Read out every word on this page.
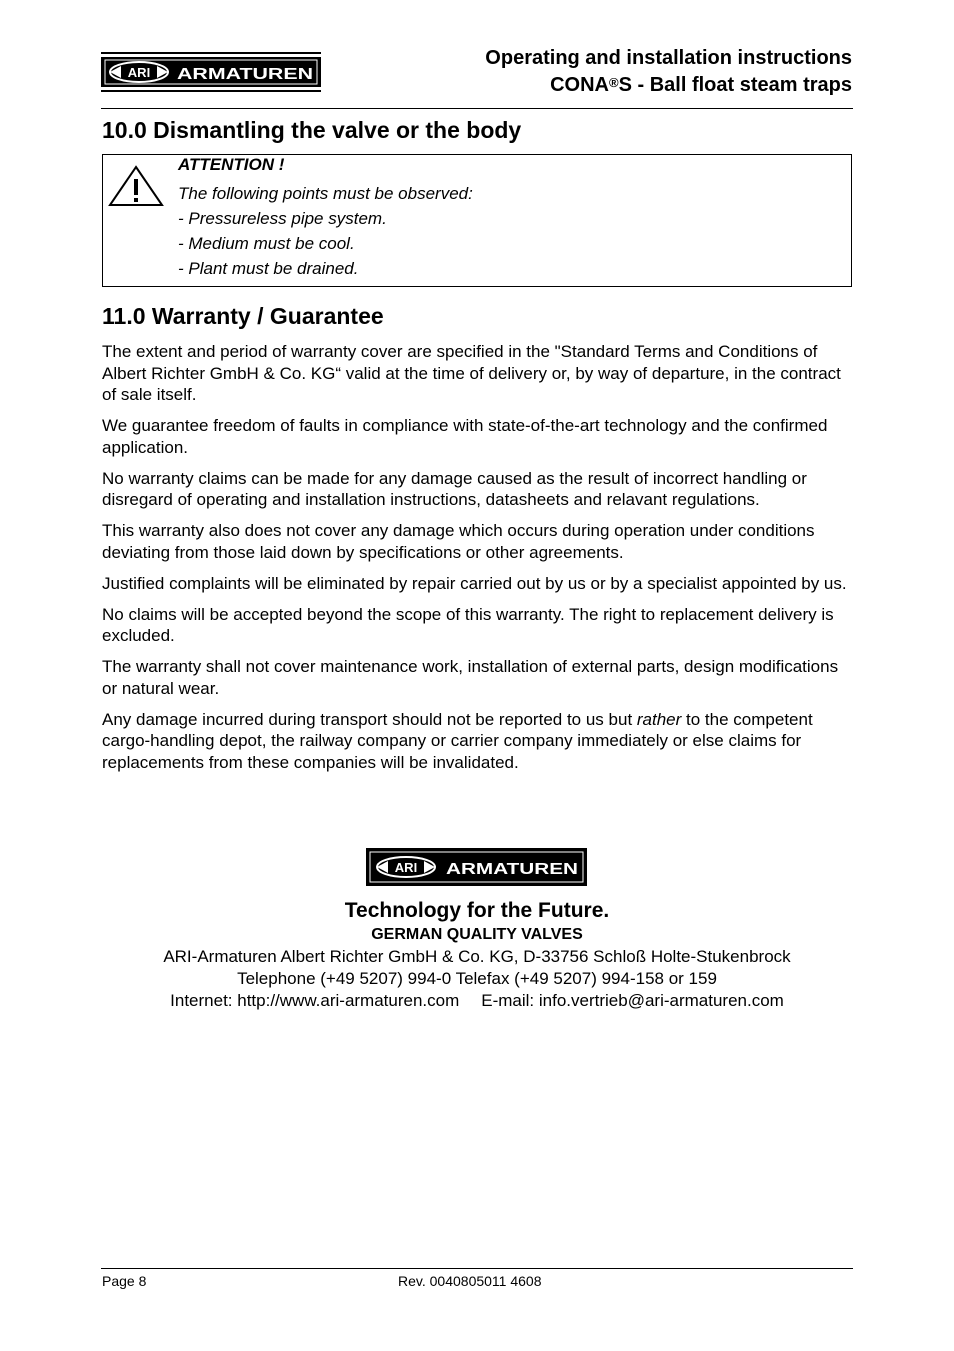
ARI ARMATUREN
Operating and installation instructions
CONA®S - Ball float steam traps
10.0 Dismantling the valve or the body
ATTENTION !
The following points must be observed:
- Pressureless pipe system.
- Medium must be cool.
- Plant must be drained.
11.0 Warranty / Guarantee

The extent and period of warranty cover are specified in the "Standard Terms and Conditions of Albert Richter GmbH & Co. KG“ valid at the time of delivery or, by way of departure, in the contract of sale itself.

We guarantee freedom of faults in compliance with state-of-the-art technology and the confirmed application.

No warranty claims can be made for any damage caused as the result of incorrect handling or disregard of operating and installation instructions, datasheets and relavant regulations.

This warranty also does not cover any damage which occurs during operation under conditions deviating from those laid down by specifications or other agreements.

Justified complaints will be eliminated by repair carried out by us or by a specialist appointed by us.

No claims will be accepted beyond the scope of this warranty. The right to replacement delivery is excluded.

The warranty shall not cover maintenance work, installation of external parts, design modifications or natural wear.

Any damage incurred during transport should not be reported to us but rather to the competent cargo-handling depot, the railway company or carrier company immediately or else claims for replacements from these companies will be invalidated.

ARI ARMATUREN
Technology for the Future.
GERMAN QUALITY VALVES
ARI-Armaturen Albert Richter GmbH & Co. KG, D-33756 Schloß Holte-Stukenbrock
Telephone (+49 5207) 994-0 Telefax (+49 5207) 994-158 or 159
Internet: http://www.ari-armaturen.com E-mail: info.vertrieb@ari-armaturen.com
Page 8	Rev. 0040805011 4608
